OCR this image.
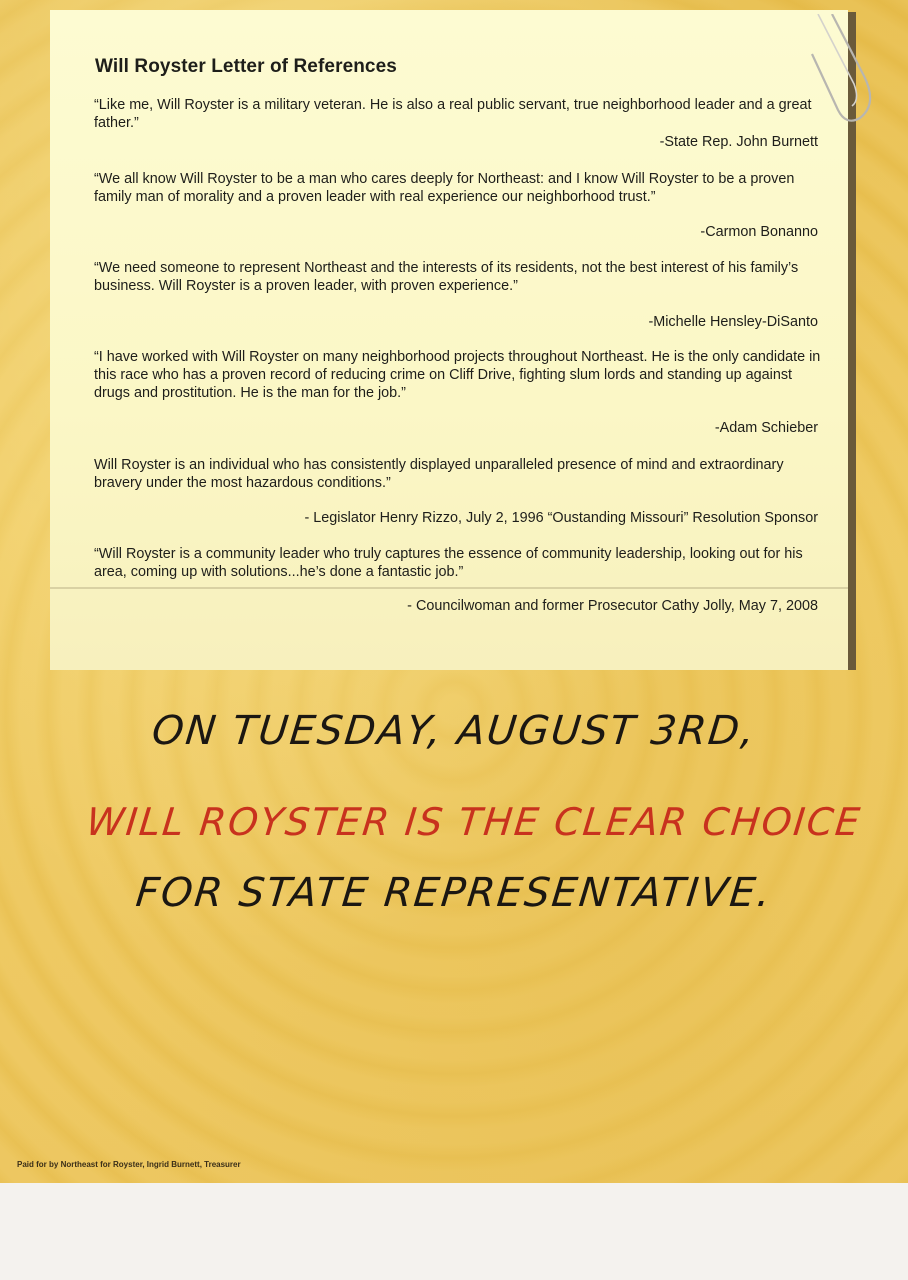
Will Royster Letter of References
“Like me, Will Royster is a military veteran. He is also a real public servant, true neighborhood leader and a great father.”
-State Rep. John Burnett
“We all know Will Royster to be a man who cares deeply for Northeast: and I know Will Royster to be a proven family man of morality and a proven leader with real experience our neighborhood trust.”
-Carmon Bonanno
“We need someone to represent Northeast and the interests of its residents, not the best interest of his family’s business. Will Royster is a proven leader, with proven experience.”
-Michelle Hensley-DiSanto
“I have worked with Will Royster on many neighborhood projects throughout Northeast. He is the only candidate in this race who has a proven record of reducing crime on Cliff Drive, fighting slum lords and standing up against drugs and prostitution. He is the man for the job.”
-Adam Schieber
Will Royster is an individual who has consistently displayed unparalleled presence of mind and extraordinary bravery under the most hazardous conditions.”
- Legislator Henry Rizzo, July 2, 1996 “Oustanding Missouri” Resolution Sponsor
“Will Royster is a community leader who truly captures the essence of community leadership, looking out for his area, coming up with solutions...he’s done a fantastic job.”
- Councilwoman and former Prosecutor Cathy Jolly, May 7, 2008
ON TUESDAY, AUGUST 3RD,
WILL ROYSTER IS THE CLEAR CHOICE
FOR STATE REPRESENTATIVE.
Paid for by Northeast for Royster, Ingrid Burnett, Treasurer
